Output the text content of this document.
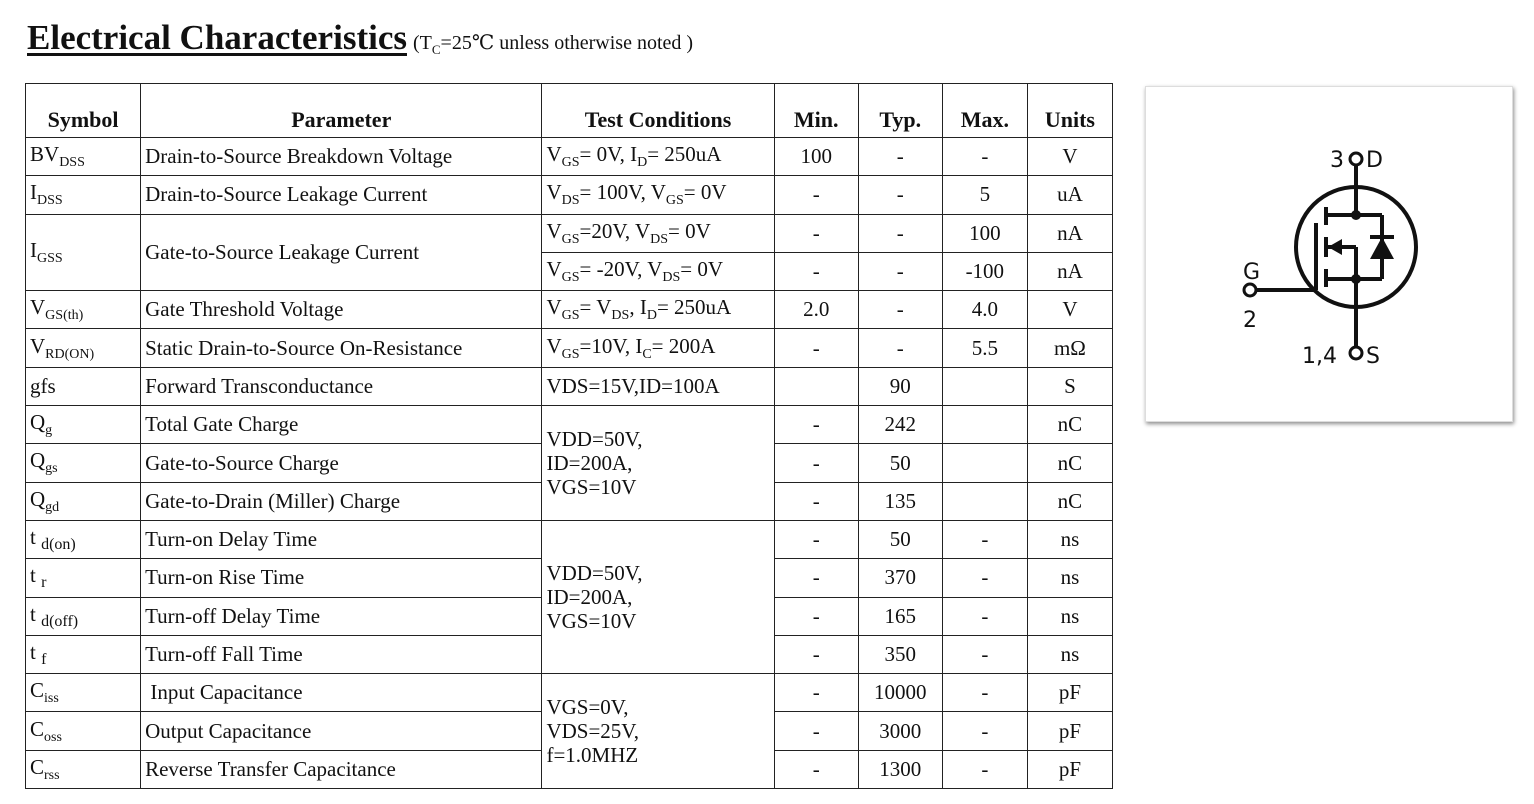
Electrical Characteristics ($T_C=25℃$ unless otherwise noted )
Symbol	Parameter	Test Conditions	Min.	Typ.	Max.	Units
$BV_{DSS}$	Drain-to-Source Breakdown Voltage	$V_{GS}= 0V$, $I_D= 250uA$	100	-	-	V
$I_{DSS}$	Drain-to-Source Leakage Current	$V_{DS}= 100V$, $V_{GS}= 0V$	-	-	5	uA
$I_{GSS}$	Gate-to-Source Leakage Current	$V_{GS}=20V$, $V_{DS}= 0V$	-	-	100	nA
		$V_{GS}= -20V$, $V_{DS}= 0V$	-	-	-100	nA
$V_{GS(th)}$	Gate Threshold Voltage	$V_{GS}= V_{DS}$, $I_D= 250uA$	2.0	-	4.0	V
$V_{RD(ON)}$	Static Drain-to-Source On-Resistance	$V_{GS}=10V$, $I_C= 200A$	-	-	5.5	mΩ
gfs	Forward Transconductance	VDS=15V,ID=100A		90		S
$Q_g$	Total Gate Charge	VDD=50V,
ID=200A,
VGS=10V	-	242		nC
$Q_{gs}$	Gate-to-Source Charge		-	50		nC
$Q_{gd}$	Gate-to-Drain (Miller) Charge		-	135		nC
t $_{d(on)}$	Turn-on Delay Time	VDD=50V,
ID=200A,
VGS=10V	-	50	-	ns
t $_r$	Turn-on Rise Time		-	370	-	ns
t $_{d(off)}$	Turn-off Delay Time		-	165	-	ns
t $_f$	Turn-off Fall Time		-	350	-	ns
$C_{iss}$	Input Capacitance	VGS=0V,
VDS=25V,
f=1.0MHZ	-	10000	-	pF
$C_{oss}$	Output Capacitance		-	3000	-	pF
$C_{rss}$	Reverse Transfer Capacitance		-	1300	-	pF
3 D
G
2
1,4 S
